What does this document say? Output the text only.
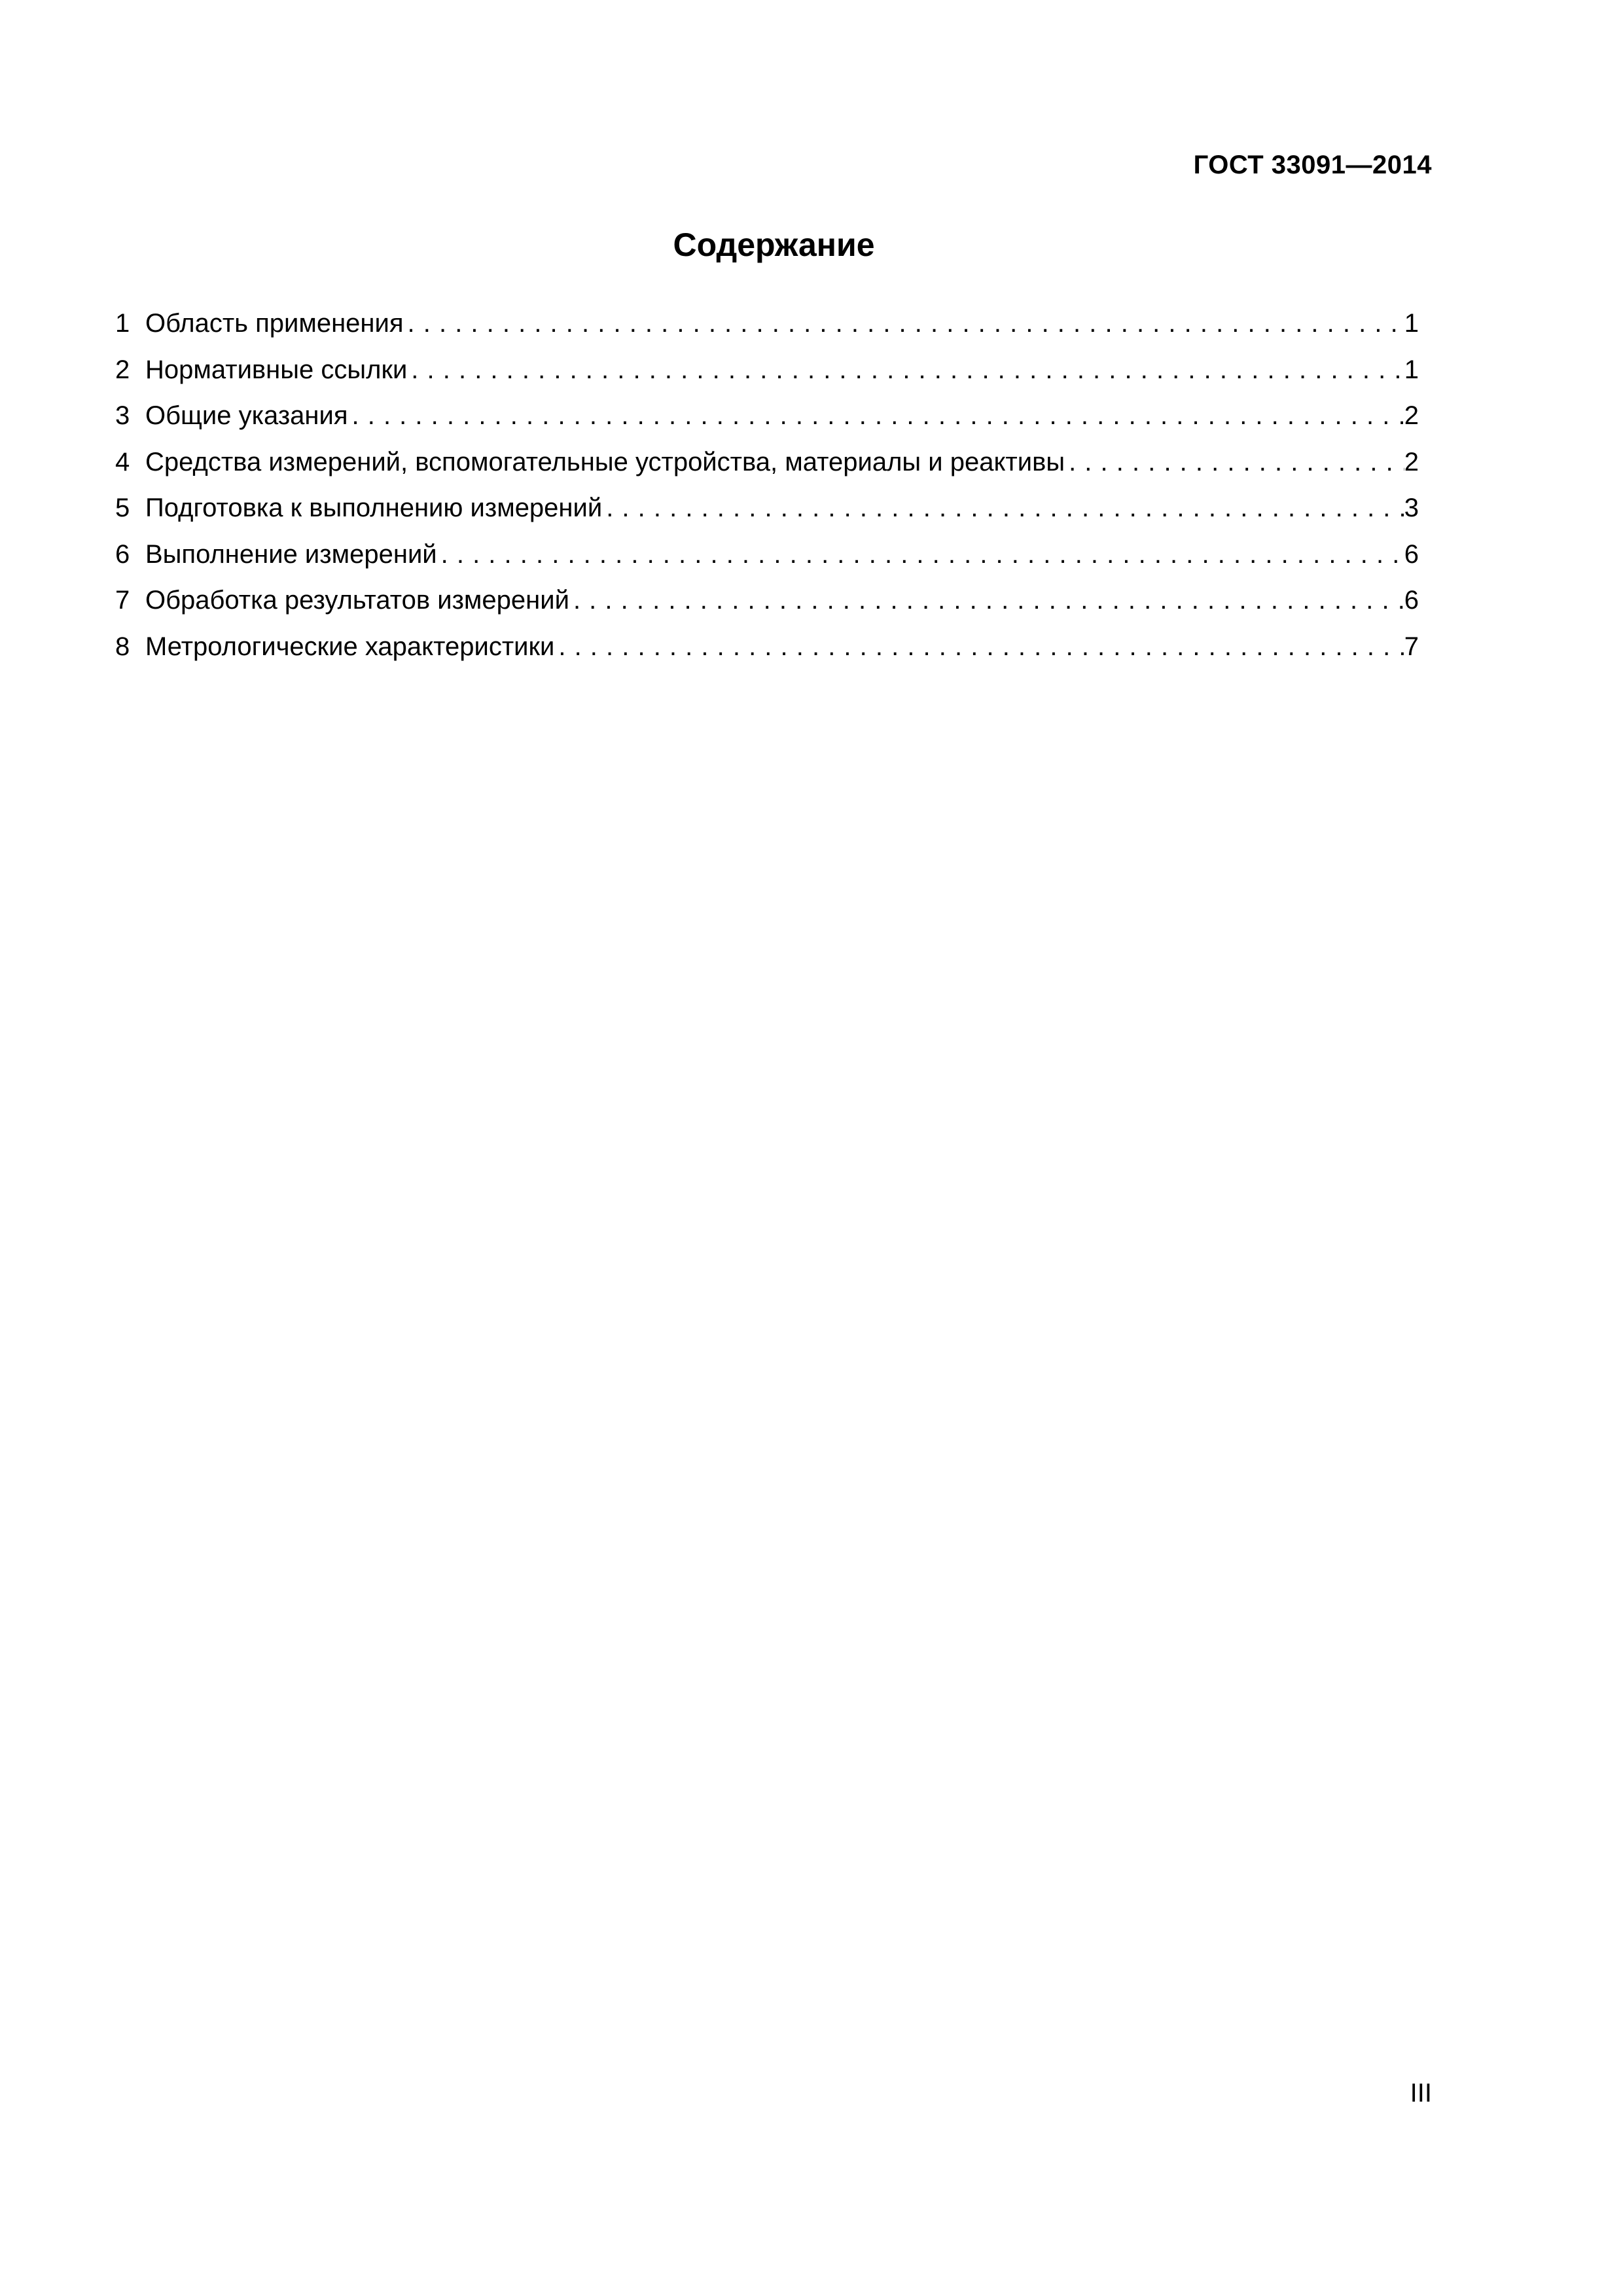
ГОСТ 33091—2014
Содержание
1 Область применения . . .	1
2 Нормативные ссылки . . .	1
3 Общие указания . . .	2
4 Средства измерений, вспомогательные устройства, материалы и реактивы . . .	2
5 Подготовка к выполнению измерений . . .	3
6 Выполнение измерений . . .	6
7 Обработка результатов измерений . . .	6
8 Метрологические характеристики . . .	7
III
